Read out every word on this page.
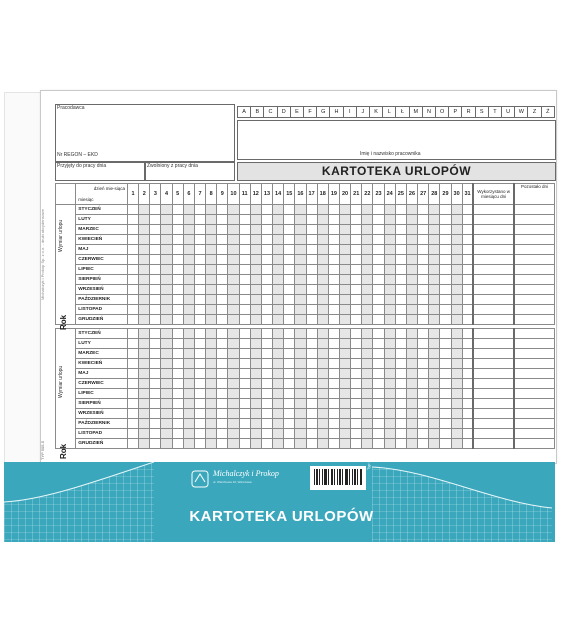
TYP 505-5
Michalczyk i Prokop Sp. z o.o. - druki akcydensowe
Pracodawca
Nr REGON – EKD
Przyjęty do pracy dnia	Zwolniony z pracy dnia
A	B	C	D	E	F	G	H	I	J	K	L	Ł	M	N	O	P	R	S	T	U	W	Z	Ź
Imię i nazwisko pracownika
KARTOTEKA URLOPÓW

	dzień mie-siąca
miesiąc	1	2	3	4	5	6	7	8	9	10	11	12	13	14	15	16	17	18	19	20	21	22	23	24	25	26	27	28	29	30	31	Wykorzystano w miesiącu dni	Pozostało dni
	STYCZEŃ																																	
	LUTY																																	
	MARZEC																																	
	KWIECIEŃ																																	
	MAJ																																	
	CZERWIEC																																	
	LIPIEC																																	
	SIERPIEŃ																																	
	WRZESIEŃ																																	
	PAŹDZIERNIK																																	
	LISTOPAD																																	
	GRUDZIEŃ																																	

	STYCZEŃ																																	
	LUTY																																	
	MARZEC																																	
	KWIECIEŃ																																	
	MAJ																																	
	CZERWIEC																																	
	LIPIEC																																	
	SIERPIEŃ																																	
	WRZESIEŃ																																	
	PAŹDZIERNIK																																	
	LISTOPAD																																	
	GRUDZIEŃ																																	
Wymiar urlopu
Rok
Wymiar urlopu
Rok
Michalczyk i Prokop
ul. Wierzbowa 16, Warszawa
Typ 505-5
KARTOTEKA URLOPÓW
